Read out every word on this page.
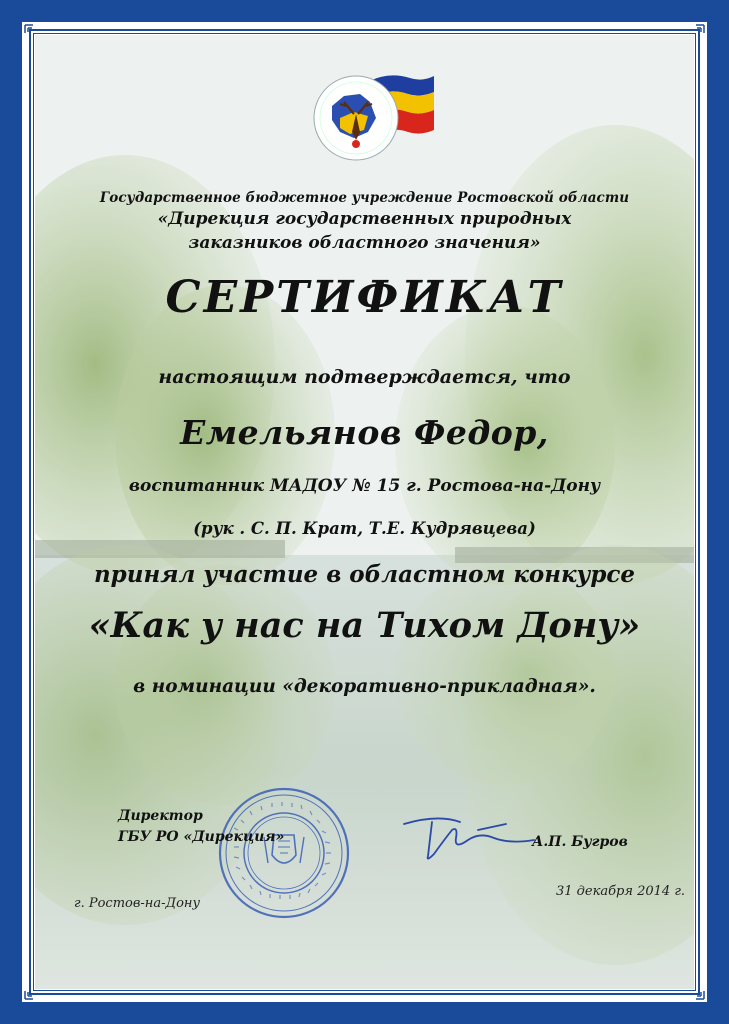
Государственное бюджетное учреждение Ростовской области
«Дирекция государственных природных
заказников областного значения»
СЕРТИФИКАТ
настоящим подтверждается, что
Емельянов Федор,
воспитанник МАДОУ № 15 г. Ростова-на-Дону
(рук . С. П. Крат, Т.Е. Кудрявцева)
принял участие в областном конкурсе
«Как у нас на Тихом Дону»
в номинации «декоративно-прикладная».
Директор
ГБУ РО «Дирекция»	А.П. Бугров
г. Ростов-на-Дону
31 декабря 2014 г.
